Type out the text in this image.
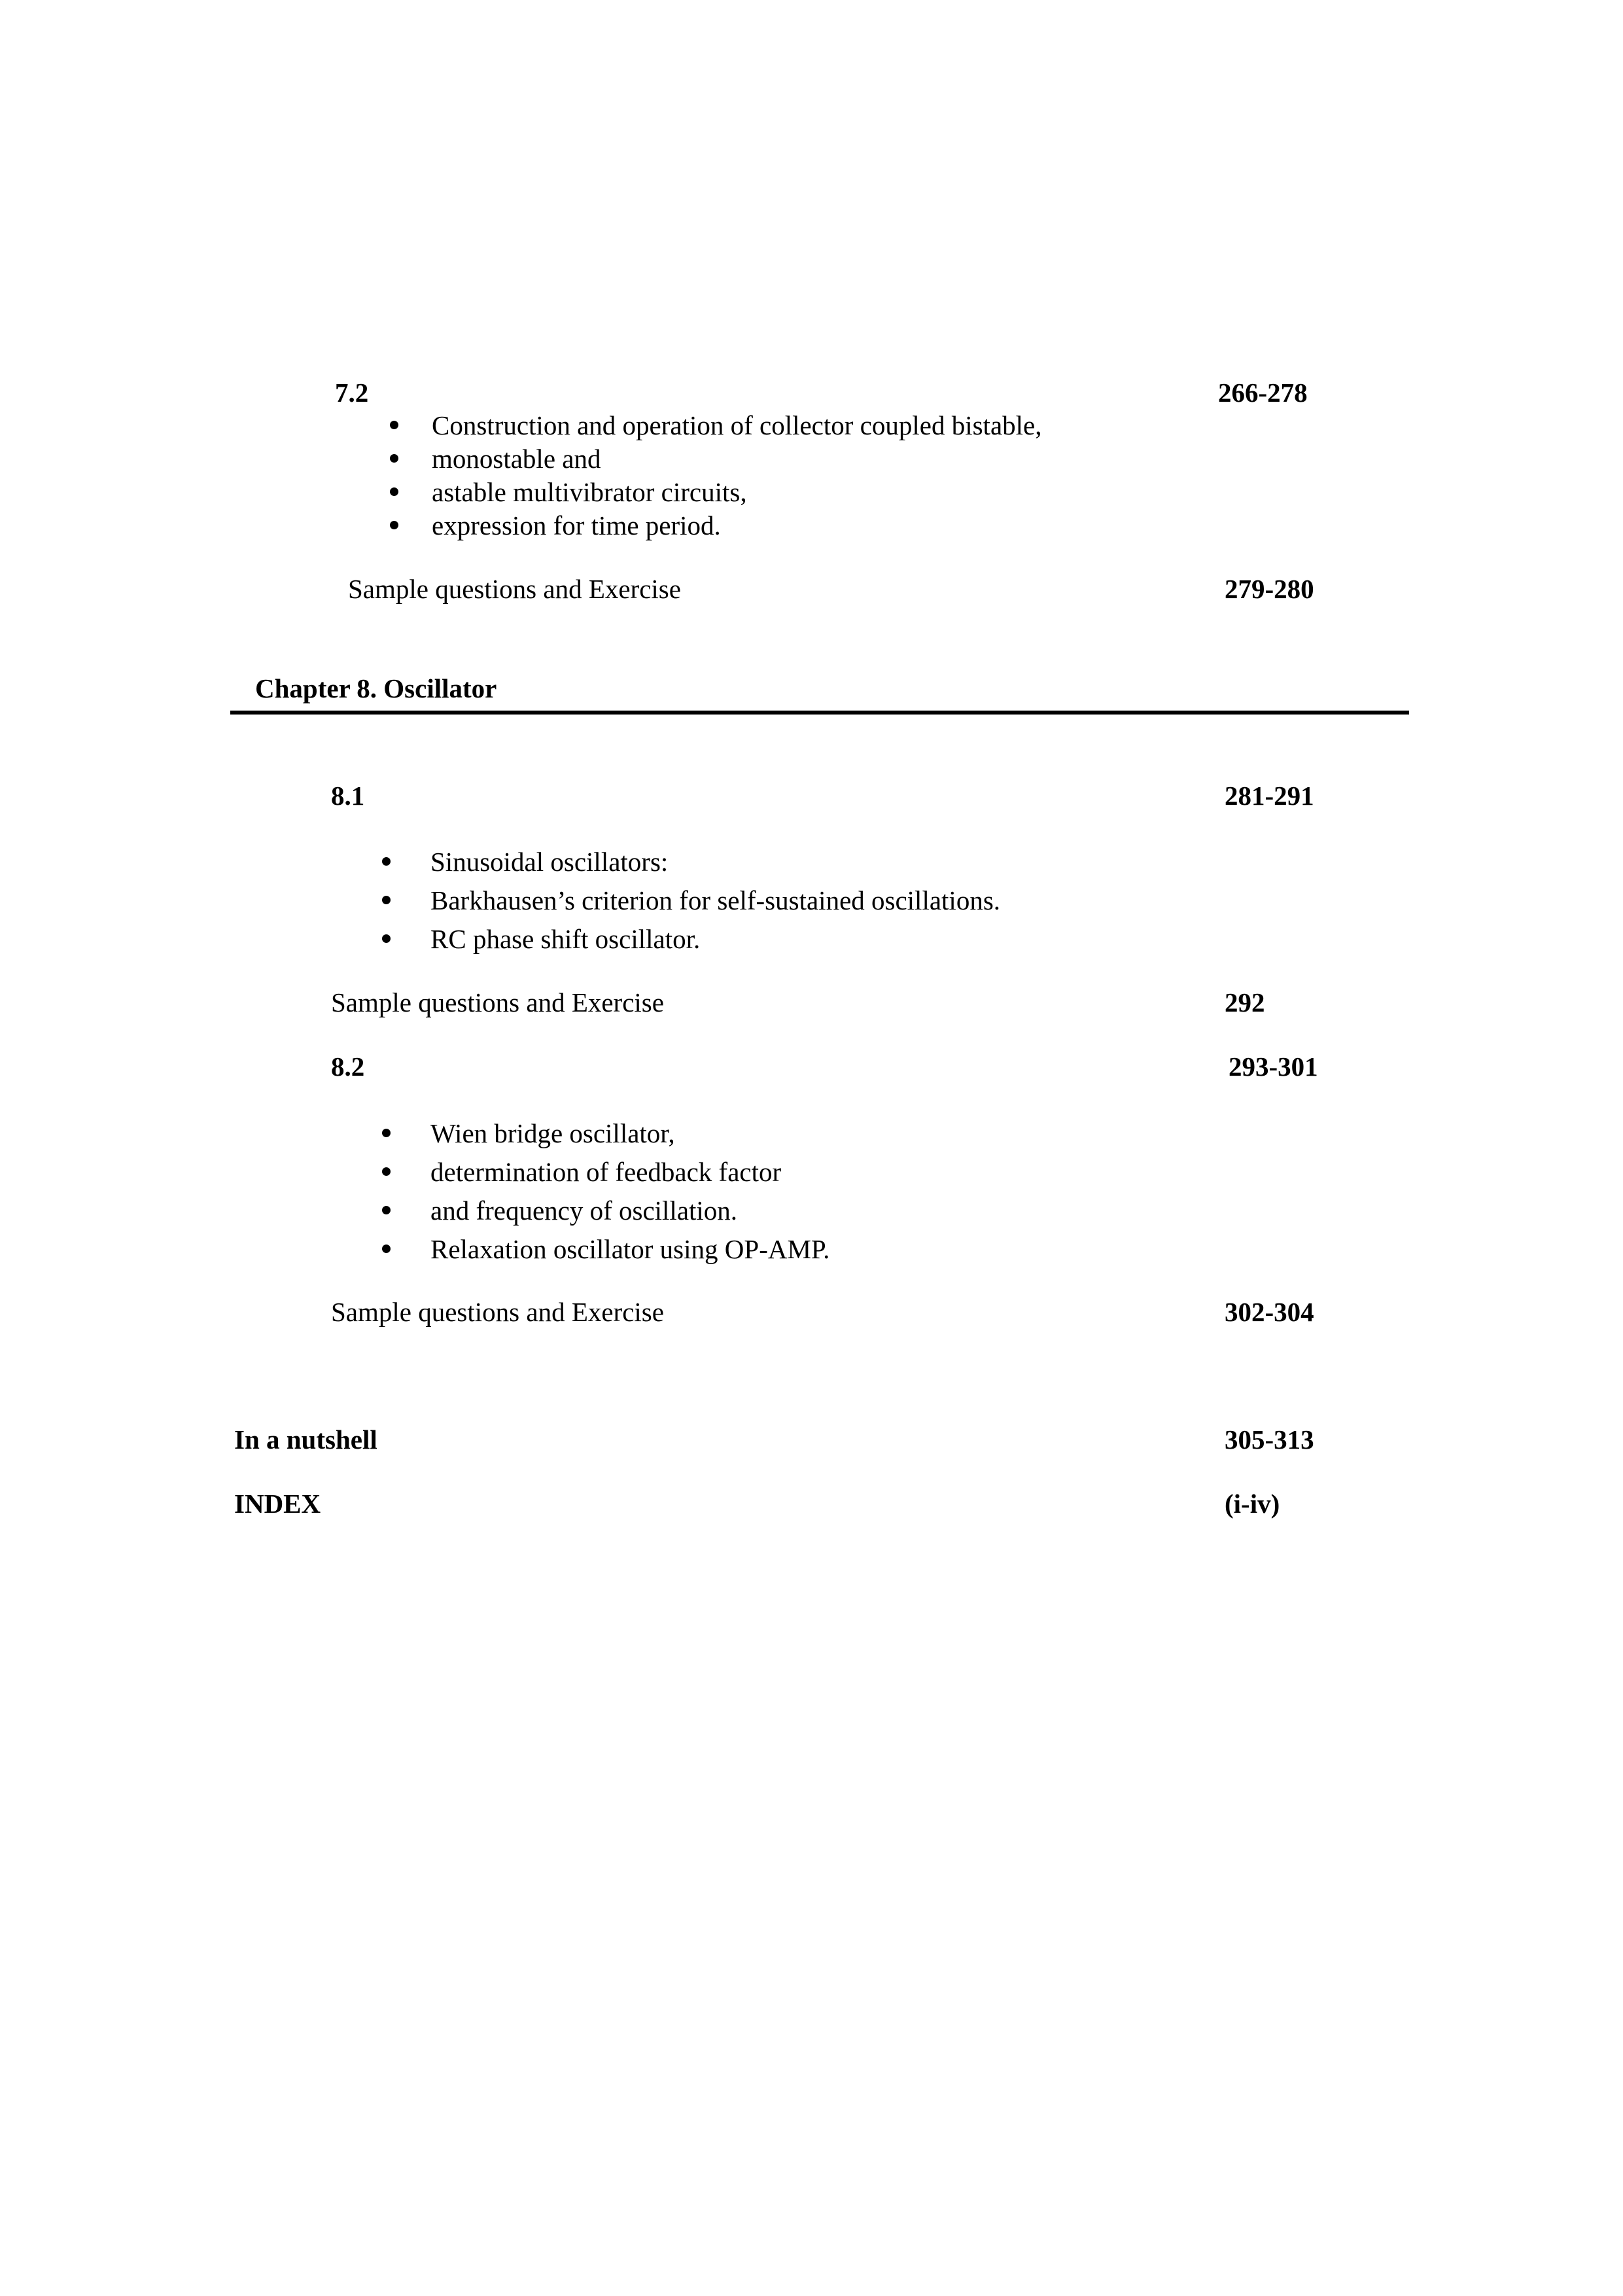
7.2	266-278
Construction and operation of collector coupled bistable,
monostable and
astable multivibrator circuits,
expression for time period.
Sample questions and Exercise	279-280
Chapter 8. Oscillator
8.1	281-291
Sinusoidal oscillators:
Barkhausen’s criterion for self-sustained oscillations.
RC phase shift oscillator.
Sample questions and Exercise	292
8.2	293-301
Wien bridge oscillator,
determination of feedback factor
and frequency of oscillation.
Relaxation oscillator using OP-AMP.
Sample questions and Exercise	302-304
In a nutshell	305-313
INDEX	(i-iv)
